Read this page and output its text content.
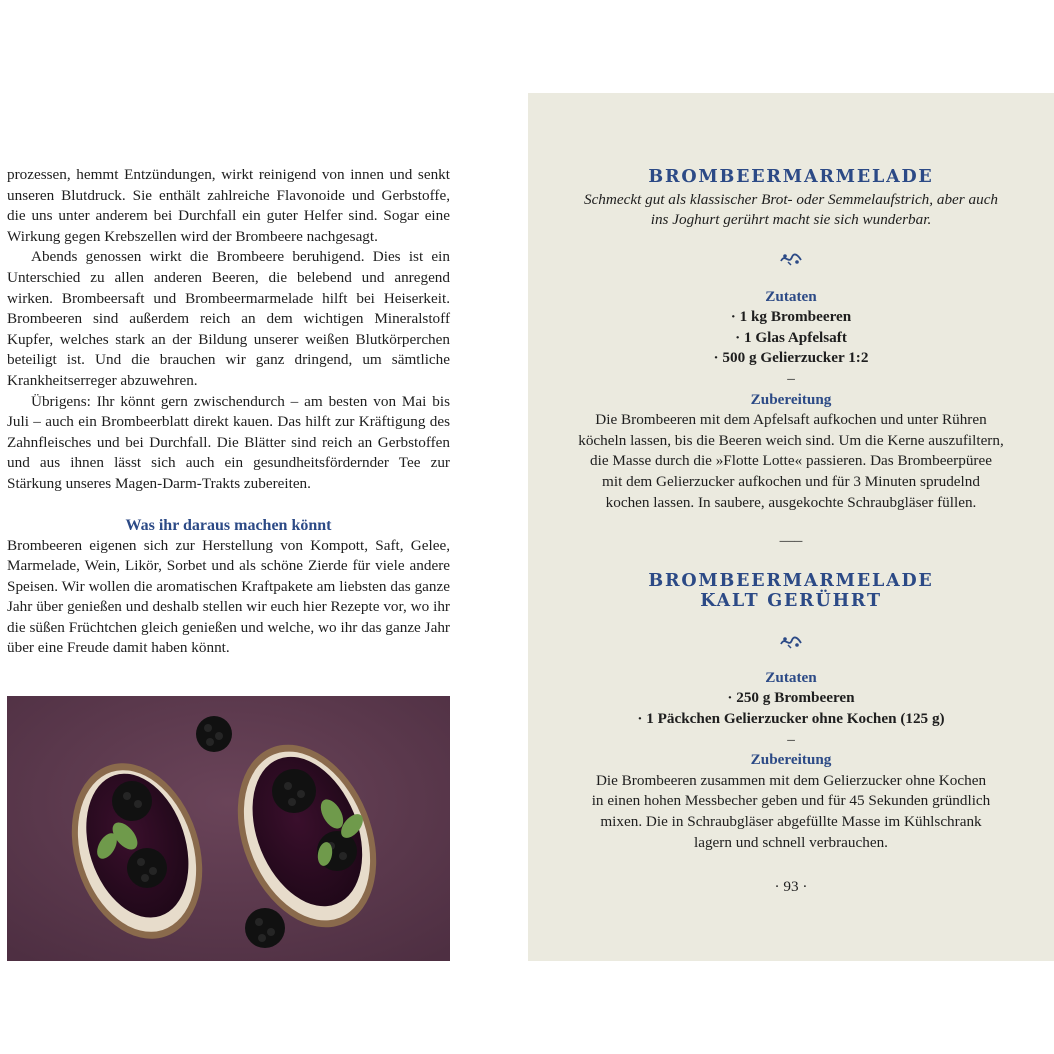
prozessen, hemmt Entzündungen, wirkt reinigend von innen und senkt unseren Blutdruck. Sie enthält zahlreiche Flavonoide und Gerbstoffe, die uns unter anderem bei Durchfall ein guter Helfer sind. Sogar eine Wirkung gegen Krebszellen wird der Brombeere nachgesagt.

Abends genossen wirkt die Brombeere beruhigend. Dies ist ein Unterschied zu allen anderen Beeren, die belebend und anregend wirken. Brombeersaft und Brombeermarmelade hilft bei Heiserkeit. Brombeeren sind außerdem reich an dem wichtigen Mineralstoff Kupfer, welches stark an der Bildung unserer weißen Blutkörperchen beteiligt ist. Und die brauchen wir ganz dringend, um sämtliche Krankheitserreger abzuwehren.

Übrigens: Ihr könnt gern zwischendurch – am besten von Mai bis Juli – auch ein Brombeerblatt direkt kauen. Das hilft zur Kräftigung des Zahnfleisches und bei Durchfall. Die Blätter sind reich an Gerbstoffen und aus ihnen lässt sich auch ein gesundheitsfördernder Tee zur Stärkung unseres Magen-Darm-Trakts zubereiten.

Was ihr daraus machen könnt

Brombeeren eigenen sich zur Herstellung von Kompott, Saft, Gelee, Marmelade, Wein, Likör, Sorbet und als schöne Zierde für viele andere Speisen. Wir wollen die aromatischen Kraftpakete am liebsten das ganze Jahr über genießen und deshalb stellen wir euch hier Rezepte vor, wo ihr die süßen Früchtchen gleich genießen und welche, wo ihr das ganze Jahr über eine Freude damit haben könnt.

BROMBEERMARMELADE

Schmeckt gut als klassischer Brot- oder Semmelaufstrich, aber auch

ins Joghurt gerührt macht sie sich wunderbar.

Zutaten

· 1 kg Brombeeren

· 1 Glas Apfelsaft

· 500 g Gelierzucker 1:2

–

Zubereitung

Die Brombeeren mit dem Apfelsaft aufkochen und unter Rühren

köcheln lassen, bis die Beeren weich sind. Um die Kerne auszufiltern,

die Masse durch die »Flotte Lotte« passieren. Das Brombeerpüree

mit dem Gelierzucker aufkochen und für 3 Minuten sprudelnd

kochen lassen. In saubere, ausgekochte Schraubgläser füllen.

–––

BROMBEERMARMELADE
KALT GERÜHRT

Zutaten

· 250 g Brombeeren

· 1 Päckchen Gelierzucker ohne Kochen (125 g)

–

Zubereitung

Die Brombeeren zusammen mit dem Gelierzucker ohne Kochen

in einen hohen Messbecher geben und für 45 Sekunden gründlich

mixen. Die in Schraubgläser abgefüllte Masse im Kühlschrank

lagern und schnell verbrauchen.

· 93 ·
